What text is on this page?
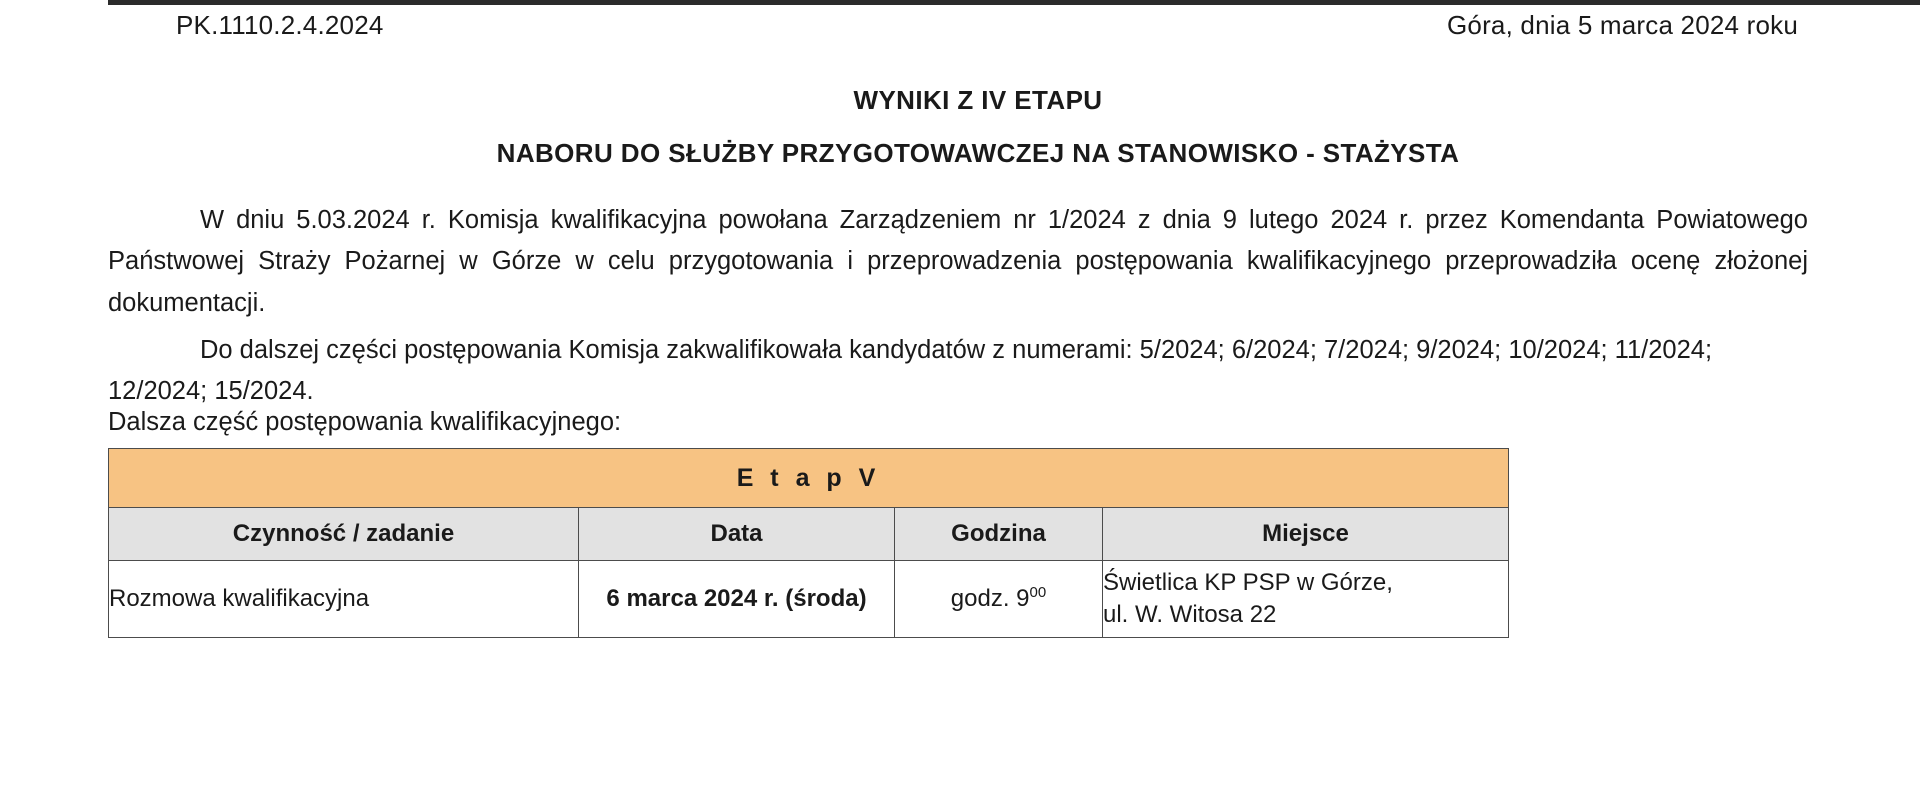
PK.1110.2.4.2024	Góra, dnia 5 marca 2024 roku
WYNIKI Z IV ETAPU
NABORU DO SŁUŻBY PRZYGOTOWAWCZEJ NA STANOWISKO - STAŻYSTA

W dniu 5.03.2024 r. Komisja kwalifikacyjna powołana Zarządzeniem nr 1/2024 z dnia 9 lutego 2024 r. przez Komendanta Powiatowego Państwowej Straży Pożarnej w Górze w celu przygotowania i przeprowadzenia postępowania kwalifikacyjnego przeprowadziła ocenę złożonej dokumentacji.

Do dalszej części postępowania Komisja zakwalifikowała kandydatów z numerami: 5/2024; 6/2024; 7/2024; 9/2024; 10/2024; 11/2024; 12/2024; 15/2024.

Dalsza część postępowania kwalifikacyjnego:
E t a p V			
Czynność / zadanie	Data	Godzina	Miejsce
Rozmowa kwalifikacyjna	6 marca 2024 r. (środa)	godz. $9^{00}$	Świetlica KP PSP w Górze,
ul. W. Witosa 22
